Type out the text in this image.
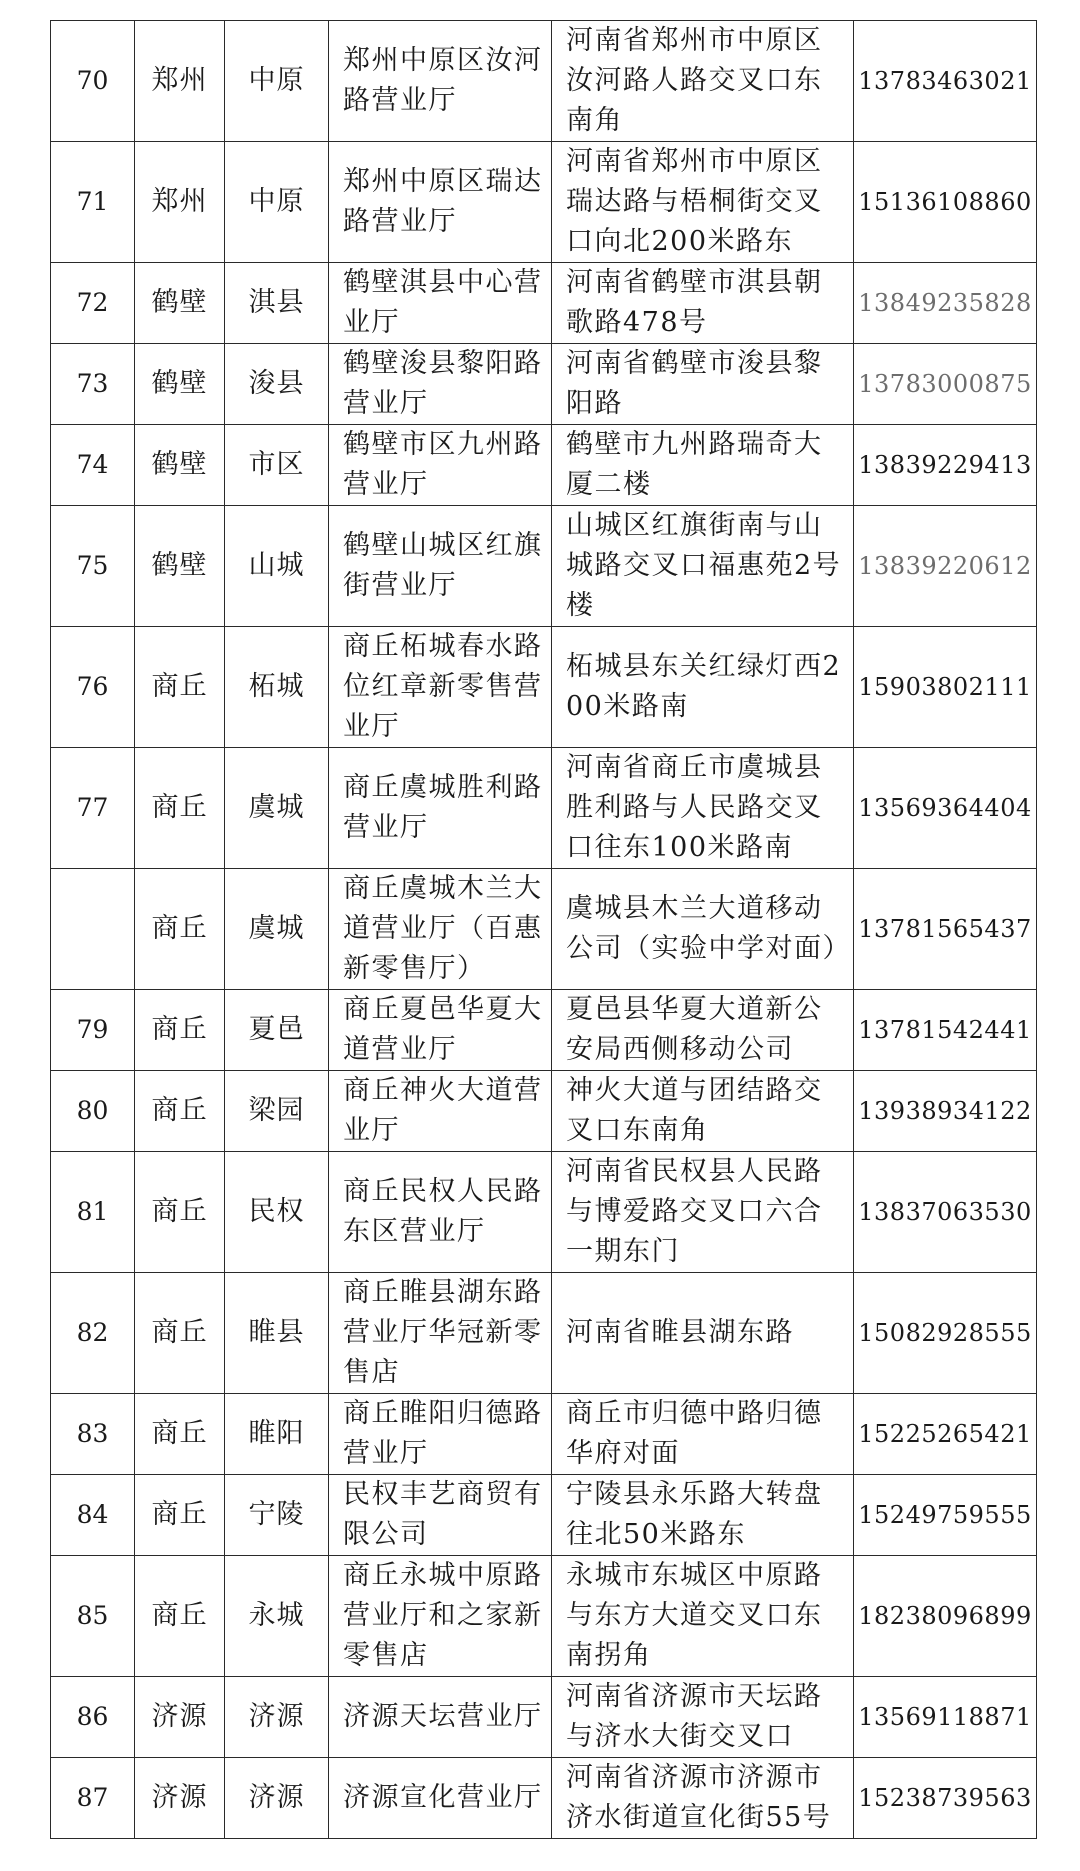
70	郑州	中原	郑州中原区汝河路营业厅	河南省郑州市中原区汝河路人路交叉口东南角	13783463021
71	郑州	中原	郑州中原区瑞达路营业厅	河南省郑州市中原区瑞达路与梧桐街交叉口向北200米路东	15136108860
72	鹤壁	淇县	鹤壁淇县中心营业厅	河南省鹤壁市淇县朝歌路478号	13849235828
73	鹤壁	浚县	鹤壁浚县黎阳路营业厅	河南省鹤壁市浚县黎阳路	13783000875
74	鹤壁	市区	鹤壁市区九州路营业厅	鹤壁市九州路瑞奇大厦二楼	13839229413
75	鹤壁	山城	鹤壁山城区红旗街营业厅	山城区红旗街南与山城路交叉口福惠苑2号楼	13839220612
76	商丘	柘城	商丘柘城春水路位红章新零售营业厅	柘城县东关红绿灯西200米路南	15903802111
77	商丘	虞城	商丘虞城胜利路营业厅	河南省商丘市虞城县胜利路与人民路交叉口往东100米路南	13569364404
	商丘	虞城	商丘虞城木兰大道营业厅（百惠新零售厅）	虞城县木兰大道移动公司（实验中学对面）	13781565437
79	商丘	夏邑	商丘夏邑华夏大道营业厅	夏邑县华夏大道新公安局西侧移动公司	13781542441
80	商丘	梁园	商丘神火大道营业厅	神火大道与团结路交叉口东南角	13938934122
81	商丘	民权	商丘民权人民路东区营业厅	河南省民权县人民路与博爱路交叉口六合一期东门	13837063530
82	商丘	睢县	商丘睢县湖东路营业厅华冠新零售店	河南省睢县湖东路	15082928555
83	商丘	睢阳	商丘睢阳归德路营业厅	商丘市归德中路归德华府对面	15225265421
84	商丘	宁陵	民权丰艺商贸有限公司	宁陵县永乐路大转盘往北50米路东	15249759555
85	商丘	永城	商丘永城中原路营业厅和之家新零售店	永城市东城区中原路与东方大道交叉口东南拐角	18238096899
86	济源	济源	济源天坛营业厅	河南省济源市天坛路与济水大街交叉口	13569118871
87	济源	济源	济源宣化营业厅	河南省济源市济源市济水街道宣化街55号	15238739563
